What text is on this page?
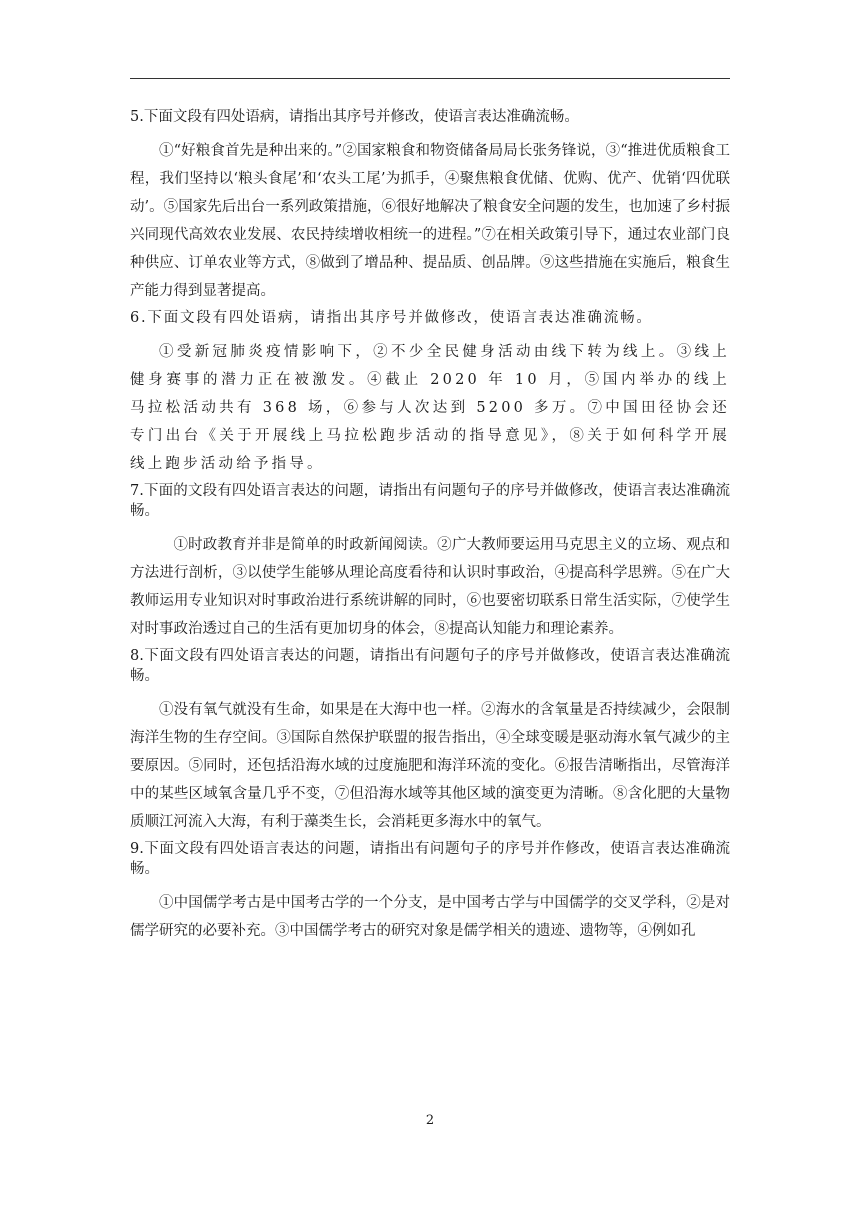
5.下面文段有四处语病，请指出其序号并修改，使语言表达准确流畅。

①“好粮食首先是种出来的。”②国家粮食和物资储备局局长张务锋说，③“推进优质粮食工程，我们坚持以‘粮头食尾’和‘农头工尾’为抓手，④聚焦粮食优储、优购、优产、优销‘四优联动’。⑤国家先后出台一系列政策措施，⑥很好地解决了粮食安全问题的发生，也加速了乡村振兴同现代高效农业发展、农民持续增收相统一的进程。”⑦在相关政策引导下，通过农业部门良种供应、订单农业等方式，⑧做到了增品种、提品质、创品牌。⑨这些措施在实施后，粮食生产能力得到显著提高。

6.下面文段有四处语病，请指出其序号并做修改，使语言表达准确流畅。

①受新冠肺炎疫情影响下，②不少全民健身活动由线下转为线上。③线上健身赛事的潜力正在被激发。④截止 2020 年 10 月，⑤国内举办的线上马拉松活动共有 368 场，⑥参与人次达到 5200 多万。⑦中国田径协会还专门出台《关于开展线上马拉松跑步活动的指导意见》，⑧关于如何科学开展线上跑步活动给予指导。

7.下面的文段有四处语言表达的问题，请指出有问题句子的序号并做修改，使语言表达准确流畅。

①时政教育并非是简单的时政新闻阅读。②广大教师要运用马克思主义的立场、观点和方法进行剖析，③以使学生能够从理论高度看待和认识时事政治，④提高科学思辨。⑤在广大教师运用专业知识对时事政治进行系统讲解的同时，⑥也要密切联系日常生活实际，⑦使学生对时事政治透过自己的生活有更加切身的体会，⑧提高认知能力和理论素养。

8.下面文段有四处语言表达的问题，请指出有问题句子的序号并做修改，使语言表达准确流畅。

①没有氧气就没有生命，如果是在大海中也一样。②海水的含氧量是否持续减少，会限制海洋生物的生存空间。③国际自然保护联盟的报告指出，④全球变暖是驱动海水氧气减少的主要原因。⑤同时，还包括沿海水域的过度施肥和海洋环流的变化。⑥报告清晰指出，尽管海洋中的某些区域氧含量几乎不变，⑦但沿海水域等其他区域的演变更为清晰。⑧含化肥的大量物质顺江河流入大海，有利于藻类生长，会消耗更多海水中的氧气。

9.下面文段有四处语言表达的问题，请指出有问题句子的序号并作修改，使语言表达准确流畅。

①中国儒学考古是中国考古学的一个分支，是中国考古学与中国儒学的交叉学科，②是对儒学研究的必要补充。③中国儒学考古的研究对象是儒学相关的遗迹、遗物等，④例如孔

2
